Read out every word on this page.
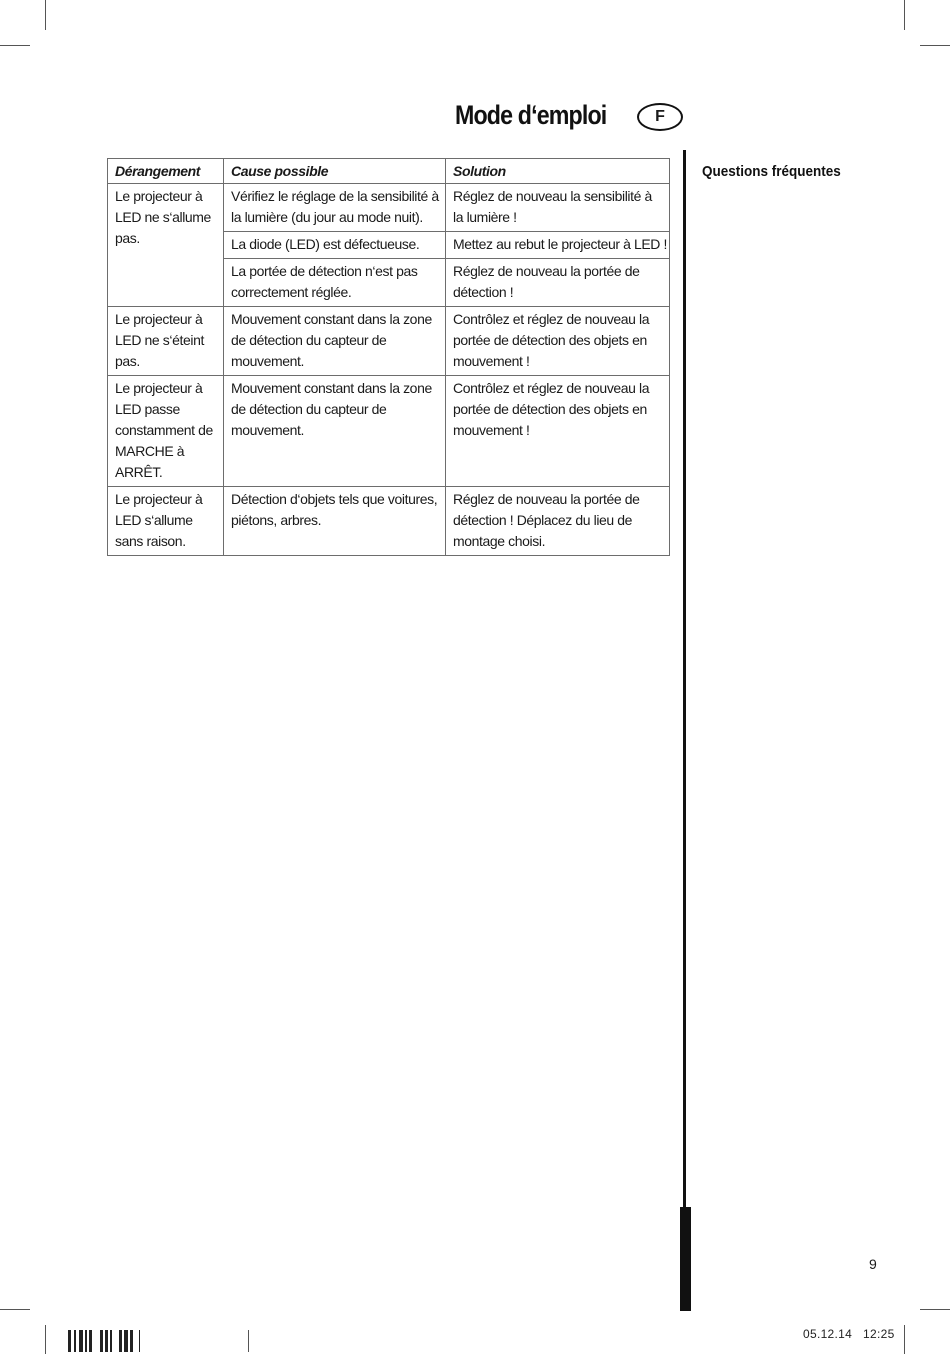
Mode d‘emploi	F
Questions fréquentes
Dérangement	Cause possible	Solution
Le projecteur à LED ne s‘allume pas.	Vérifiez le réglage de la sensibilité à la lumière (du jour au mode nuit).	Réglez de nouveau la sensibilité à la lumière !
	La diode (LED) est défectueuse.	Mettez au rebut le projecteur à LED !
	La portée de détection n‘est pas correctement réglée.	Réglez de nouveau la portée de détection !
Le projecteur à LED ne s‘éteint pas.	Mouvement constant dans la zone de détection du capteur de mouvement.	Contrôlez et réglez de nouveau la portée de détection des objets en mouvement !
Le projecteur à LED passe constamment de MARCHE à ARRÊT.	Mouvement constant dans la zone de détection du capteur de mouvement.	Contrôlez et réglez de nouveau la portée de détection des objets en mouvement !
Le projecteur à LED s‘allume sans raison.	Détection d‘objets tels que voitures, piétons, arbres.	Réglez de nouveau la portée de détection ! Déplacez du lieu de montage choisi.
9
05.12.14   12:25
